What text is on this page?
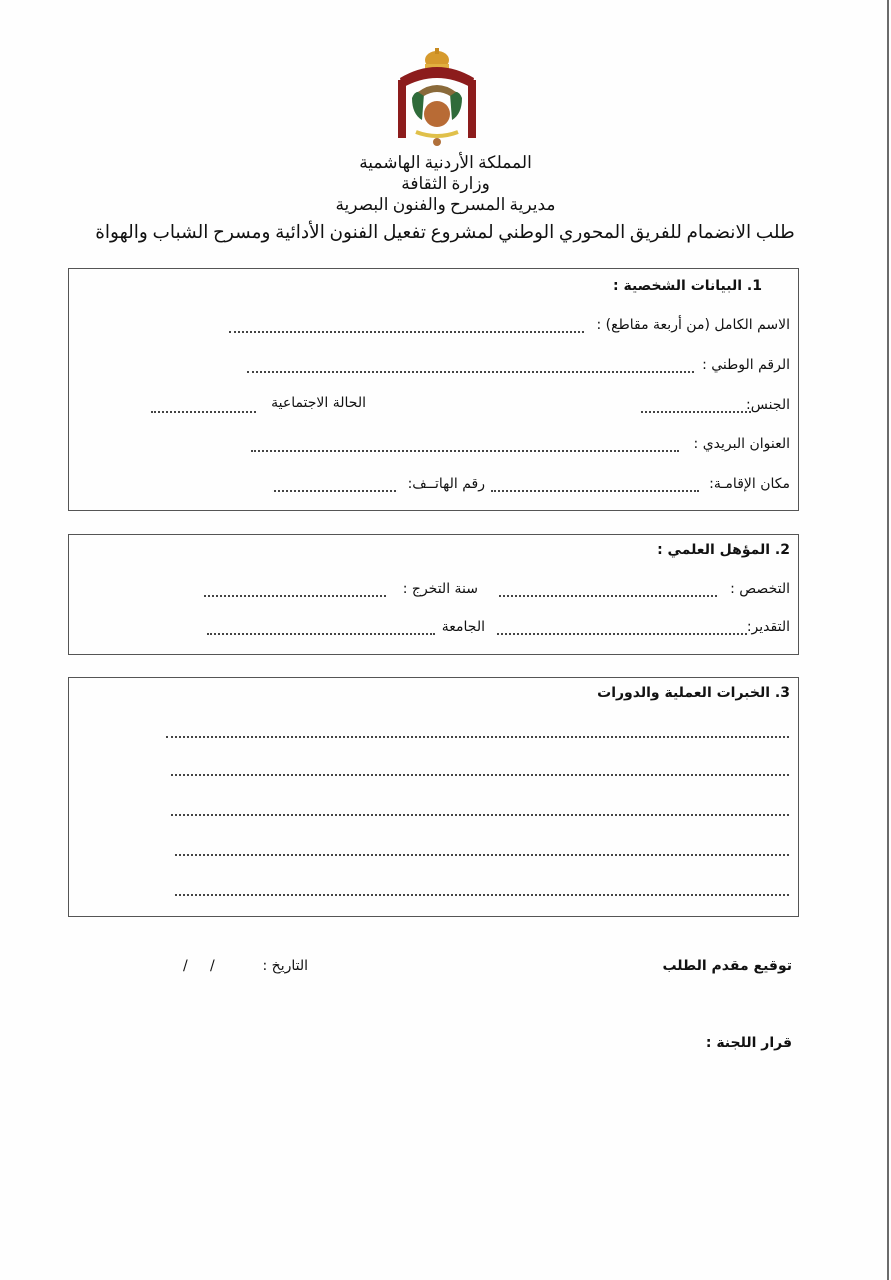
المملكة الأردنية الهاشمية
وزارة الثقافة
مديرية المسرح والفنون البصرية
طلب الانضمام للفريق المحوري الوطني لمشروع تفعيل الفنون الأدائية ومسرح الشباب والهواة
1. البيانات الشخصية :
الاسم الكامل (من أربعة مقاطع) :
الرقم الوطني :
الجنس:
الحالة الاجتماعية
العنوان البريدي :
مكان الإقامـة:
رقم الهاتــف:
2. المؤهل العلمي :
التخصص :
سنة التخرج :
التقدير:
الجامعة
3. الخبرات العملية والدورات
توقيع مقدم الطلب
التاريخ :
/     /
قرار اللجنة :
